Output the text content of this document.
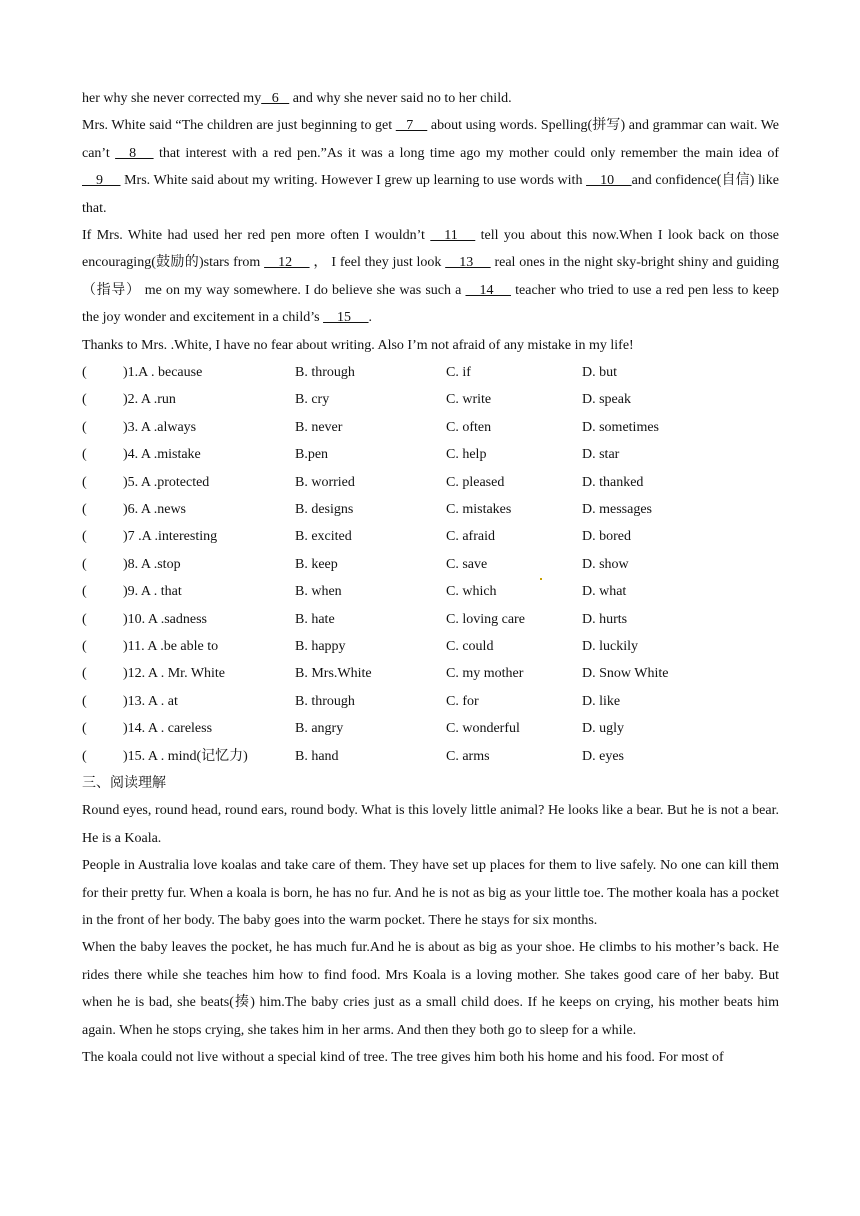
her why she never corrected my   6    and why she never said no to her child.

Mrs. White said “The children are just beginning to get    7     about using words. Spelling(拼写) and grammar can wait. We can’t     8      that interest with a red pen.”As it was a long time ago my mother could only remember the main idea of     9      Mrs. White said about my writing. However I grew up learning to use words with     10     and confidence(自信) like that.

If Mrs. White had used her red pen more often I wouldn’t     11      tell you about this now.When I look back on those encouraging(鼓励的)stars from     12      ， I feel they just look     13      real ones in the night sky-bright shiny and guiding（指导） me on my way somewhere. I do believe she was such a     14      teacher who tried to use a red pen less to keep the joy wonder and excitement in a child’s     15     .

Thanks to Mrs. .White, I have no fear about writing. Also I’m not afraid of any mistake in my life!

(	)1.A . because	B. through	C. if	D. but
(	)2. A .run	B. cry	C. write	D. speak
(	)3. A .always	B. never	C. often	D. sometimes
(	)4. A .mistake	B.pen	C. help	D. star
(	)5. A .protected	B. worried	C. pleased	D. thanked
(	)6. A .news	B. designs	C. mistakes	D. messages
(	)7 .A .interesting	B. excited	C. afraid	D. bored
(	)8. A .stop	B. keep	C. save	D. show
(	)9. A . that	B. when	C. which	D. what
(	)10. A .sadness	B. hate	C. loving care	D. hurts
(	)11. A .be able to	B. happy	C. could	D. luckily
(	)12. A . Mr. White	B. Mrs.White	C. my mother	D. Snow White
(	)13. A . at	B. through	C. for	D. like
(	)14. A . careless	B. angry	C. wonderful	D. ugly
(	)15. A . mind(记忆力)	B. hand	C. arms	D. eyes

三、阅读理解

Round eyes, round head, round ears, round body. What is this lovely little animal? He looks like a bear. But he is not a bear. He is a Koala.

People in Australia love koalas and take care of them. They have set up places for them to live safely. No one can kill them for their pretty fur. When a koala is born, he has no fur. And he is not as big as your little toe. The mother koala has a pocket in the front of her body. The baby goes into the warm pocket. There he stays for six months.

When the baby leaves the pocket, he has much fur.And he is about as big as your shoe. He climbs to his mother’s back. He rides there while she teaches him how to find food. Mrs Koala is a loving mother. She takes good care of her baby. But when he is bad, she beats(揍) him.The baby cries just as a small child does. If he keeps on crying, his mother beats him again. When he stops crying, she takes him in her arms. And then they both go to sleep for a while.

The koala could not live without a special kind of tree. The tree gives him both his home and his food. For most of
